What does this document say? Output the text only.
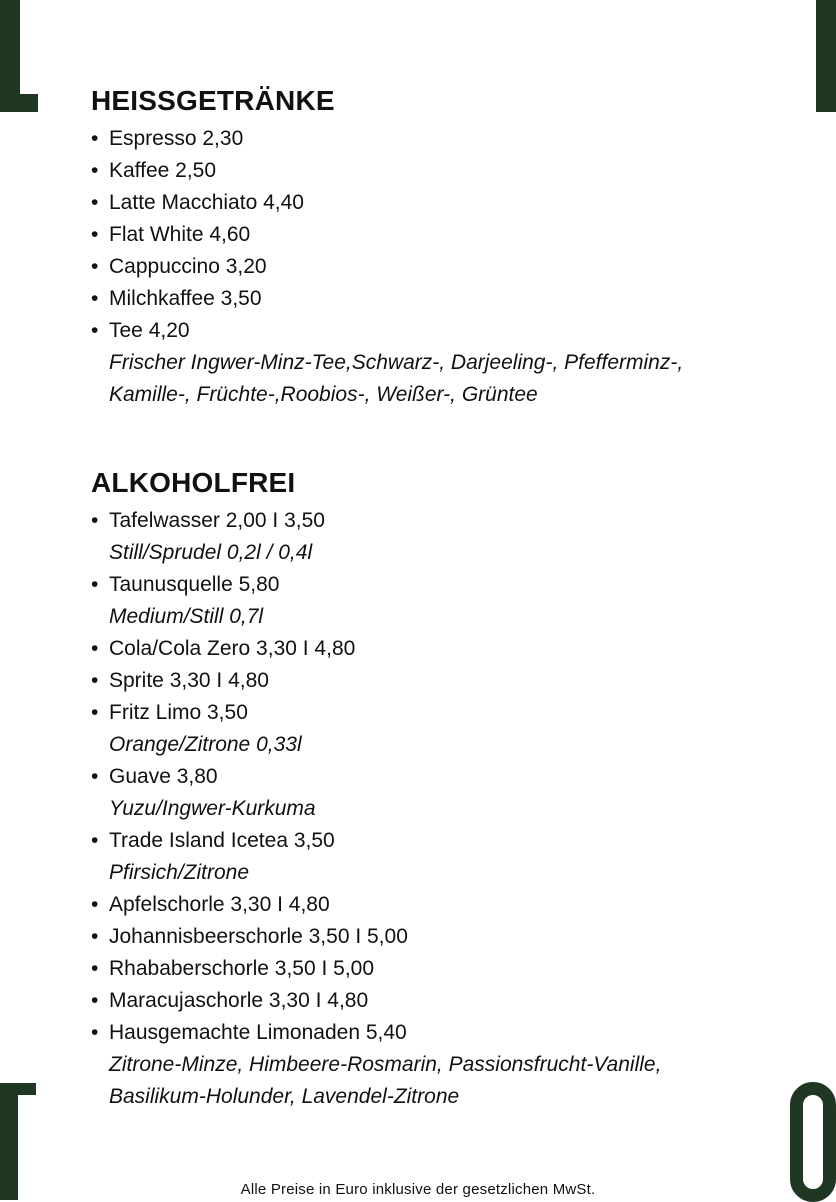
HEISSGETRÄNKE
• Espresso 2,30
• Kaffee 2,50
• Latte Macchiato 4,40
• Flat White 4,60
• Cappuccino 3,20
• Milchkaffee 3,50
• Tee 4,20
Frischer Ingwer-Minz-Tee,Schwarz-, Darjeeling-, Pfefferminz-, Kamille-, Früchte-,Roobios-, Weißer-, Grüntee
ALKOHOLFREI
• Tafelwasser 2,00 I 3,50
Still/Sprudel 0,2l / 0,4l
• Taunusquelle 5,80
Medium/Still 0,7l
• Cola/Cola Zero 3,30 I 4,80
• Sprite 3,30 I 4,80
• Fritz Limo 3,50
Orange/Zitrone 0,33l
• Guave 3,80
Yuzu/Ingwer-Kurkuma
• Trade Island Icetea 3,50
Pfirsich/Zitrone
• Apfelschorle 3,30 I 4,80
• Johannisbeerschorle 3,50 I 5,00
• Rhababerschorle 3,50 I 5,00
• Maracujaschorle 3,30 I 4,80
• Hausgemachte Limonaden 5,40
Zitrone-Minze, Himbeere-Rosmarin, Passionsfrucht-Vanille, Basilikum-Holunder, Lavendel-Zitrone
Alle Preise in Euro inklusive der gesetzlichen MwSt.
